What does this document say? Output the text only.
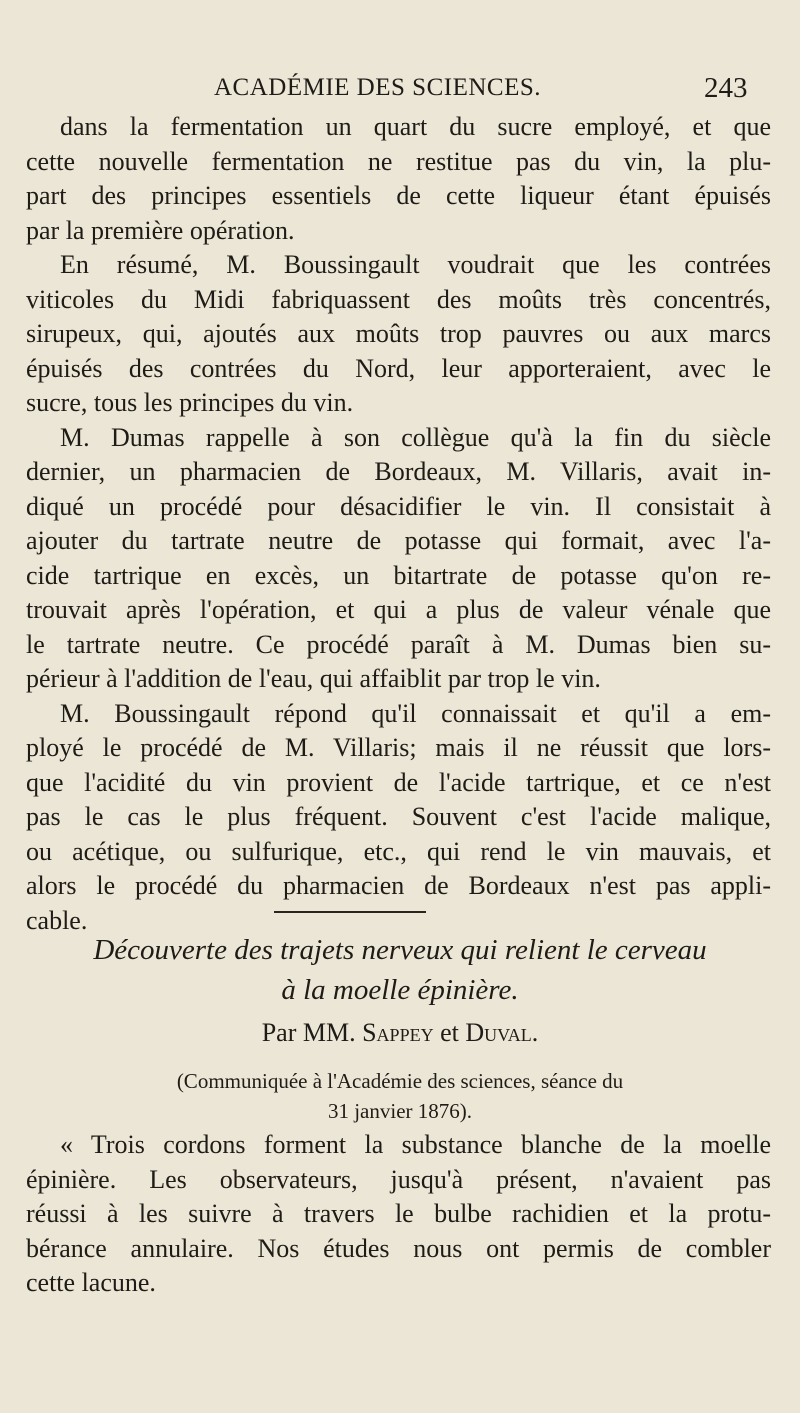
ACADÉMIE DES SCIENCES.	243

dans la fermentation un quart du sucre employé, et que
cette nouvelle fermentation ne restitue pas du vin, la plu-
part des principes essentiels de cette liqueur étant épuisés
par la première opération.

En résumé, M. Boussingault voudrait que les contrées
viticoles du Midi fabriquassent des moûts très concentrés,
sirupeux, qui, ajoutés aux moûts trop pauvres ou aux marcs
épuisés des contrées du Nord, leur apporteraient, avec le
sucre, tous les principes du vin.

M. Dumas rappelle à son collègue qu'à la fin du siècle
dernier, un pharmacien de Bordeaux, M. Villaris, avait in-
diqué un procédé pour désacidifier le vin. Il consistait à
ajouter du tartrate neutre de potasse qui formait, avec l'a-
cide tartrique en excès, un bitartrate de potasse qu'on re-
trouvait après l'opération, et qui a plus de valeur vénale que
le tartrate neutre. Ce procédé paraît à M. Dumas bien su-
périeur à l'addition de l'eau, qui affaiblit par trop le vin.

M. Boussingault répond qu'il connaissait et qu'il a em-
ployé le procédé de M. Villaris; mais il ne réussit que lors-
que l'acidité du vin provient de l'acide tartrique, et ce n'est
pas le cas le plus fréquent. Souvent c'est l'acide malique,
ou acétique, ou sulfurique, etc., qui rend le vin mauvais, et
alors le procédé du pharmacien de Bordeaux n'est pas appli-
cable.

Découverte des trajets nerveux qui relient le cerveau
à la moelle épinière.
Par MM. Sappey et Duval.
(Communiquée à l'Académie des sciences, séance du
31 janvier 1876).

« Trois cordons forment la substance blanche de la moelle
épinière. Les observateurs, jusqu'à présent, n'avaient pas
réussi à les suivre à travers le bulbe rachidien et la protu-
bérance annulaire. Nos études nous ont permis de combler
cette lacune.
